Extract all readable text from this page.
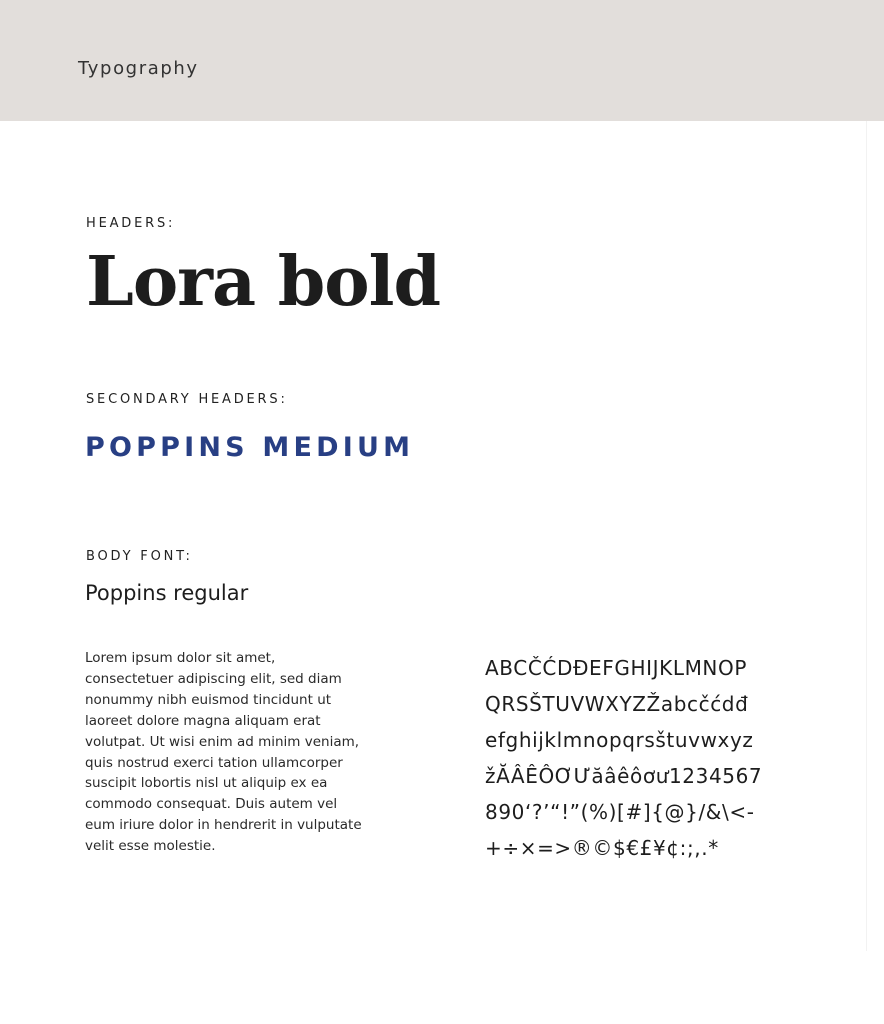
Typography
HEADERS:
Lora bold
SECONDARY HEADERS:
POPPINS MEDIUM
BODY FONT:
Poppins regular
Lorem ipsum dolor sit amet,
consectetuer adipiscing elit, sed diam
nonummy nibh euismod tincidunt ut
laoreet dolore magna aliquam erat
volutpat. Ut wisi enim ad minim veniam,
quis nostrud exerci tation ullamcorper
suscipit lobortis nisl ut aliquip ex ea
commodo consequat. Duis autem vel
eum iriure dolor in hendrerit in vulputate
velit esse molestie.
ABCČĆDĐEFGHIJKLMNOP
QRSŠTUVWXYZŽabcčćdđ
efghijklmnopqrsštuvwxyz
žĂÂÊÔƠƯăâêôơư1234567
890‘?’“!”(%)[#]{@}/&\<-
+÷×=>®©$€£¥¢:;,.*
